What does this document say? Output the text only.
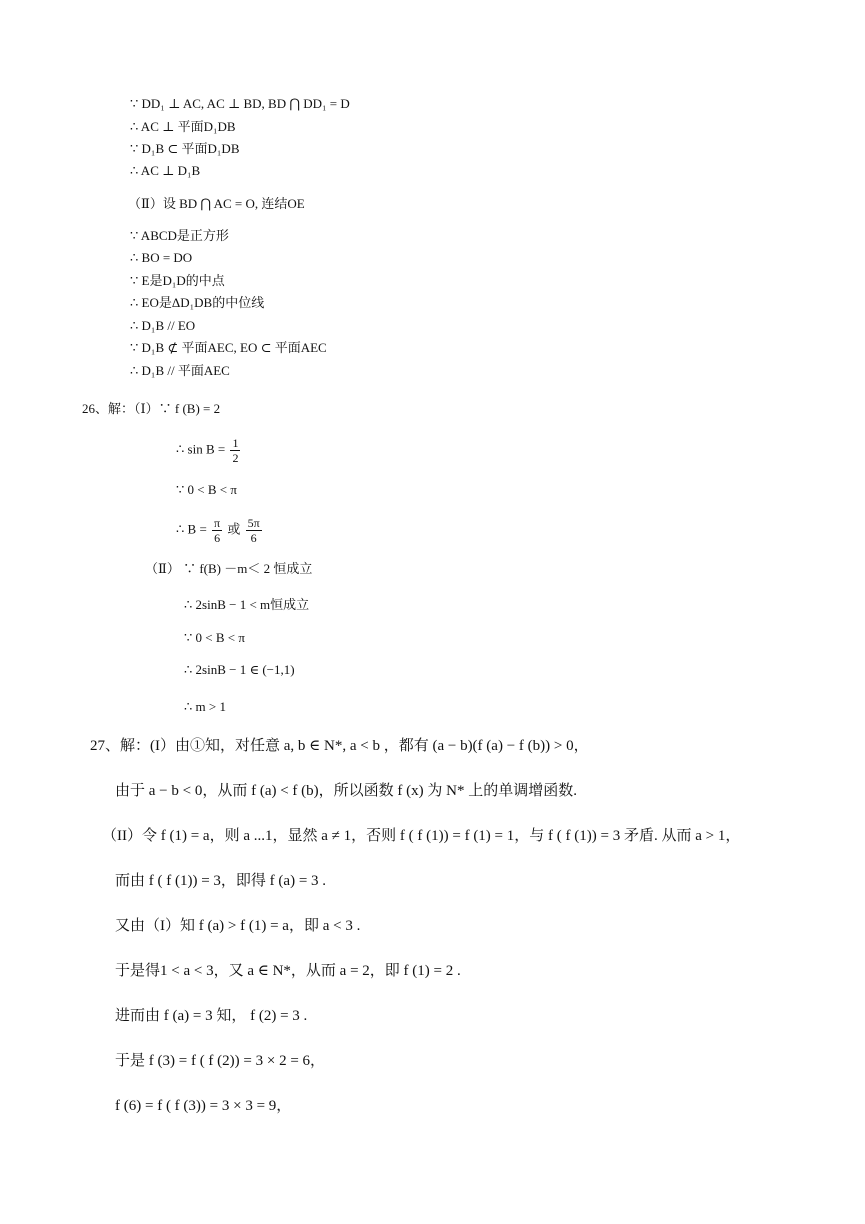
∵ DD₁ ⊥ AC, AC ⊥ BD, BD ⋂ DD₁ = D
∴ AC ⊥ 平面D₁DB
∵ D₁B ⊂ 平面D₁DB
∴ AC ⊥ D₁B
（Ⅱ）设 BD ⋂ AC = O, 连结OE
∵ ABCD是正方形
∴ BO = DO
∵ E是D₁D的中点
∴ EO是ΔD₁DB的中位线
∴ D₁B // EO
∵ D₁B ⊄ 平面AEC, EO ⊂ 平面AEC
∴ D₁B // 平面AEC
26、解：（Ⅰ）∵ f (B) = 2
∴ $\sin B = \frac{1}{2}$
∵ 0 < B < π
∴ $B = \frac{\pi}{6}$ 或 $\frac{5\pi}{6}$
（Ⅱ） ∵ f(B) －m＜ 2 恒成立
∴ 2sinB − 1 < m恒成立
∵ 0 < B < π
∴ 2sinB − 1 ∈ (−1,1)
∴ m > 1
27、解：(I）由①知，对任意 a, b ∈ N*, a < b ，都有 (a − b)(f (a) − f (b)) > 0，
由于 a − b < 0，从而 f (a) < f (b)，所以函数 f (x) 为 N* 上的单调增函数.
（II）令 f (1) = a，则 a ...1，显然 a ≠ 1，否则 f ( f (1)) = f (1) = 1，与 f ( f (1)) = 3 矛盾. 从而 a > 1，
而由 f ( f (1)) = 3，即得 f (a) = 3 .
又由（I）知 f (a) > f (1) = a，即 a < 3 .
于是得1 < a < 3，又 a ∈ N*，从而 a = 2，即 f (1) = 2 .
进而由 f (a) = 3 知， f (2) = 3 .
于是 f (3) = f ( f (2)) = 3 × 2 = 6，
f (6) = f ( f (3)) = 3 × 3 = 9，
